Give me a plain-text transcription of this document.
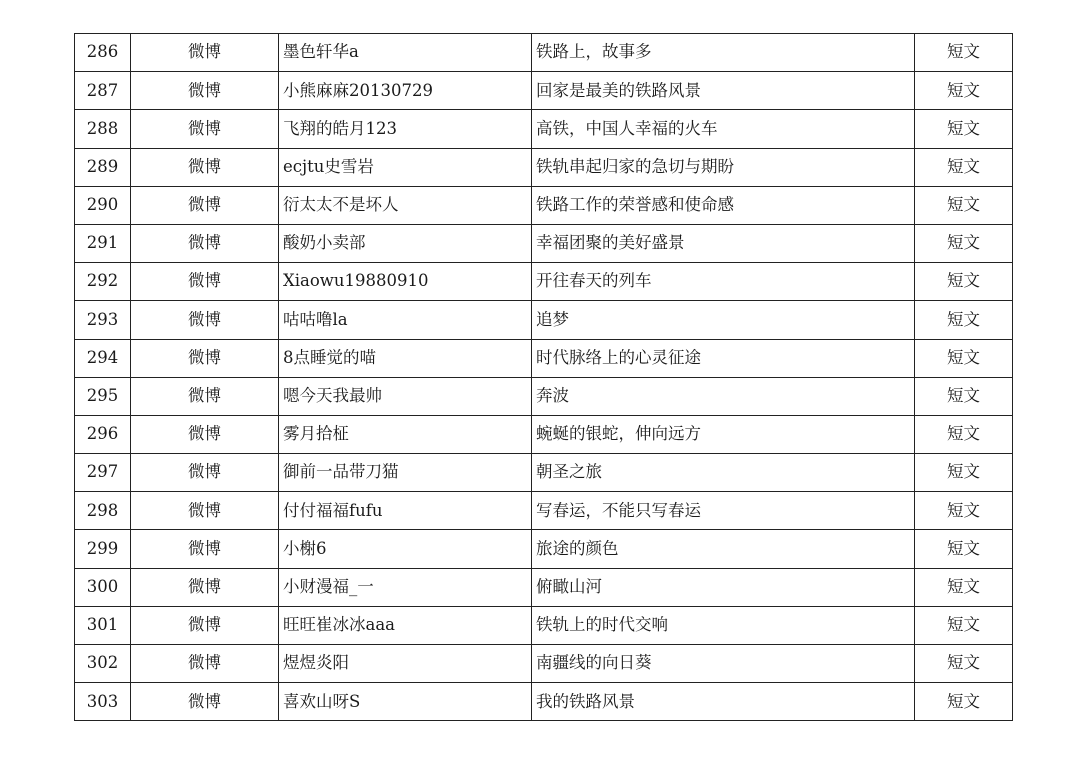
286	微博	墨色轩华a	铁路上，故事多	短文
287	微博	小熊麻麻20130729	回家是最美的铁路风景	短文
288	微博	飞翔的皓月123	高铁，中国人幸福的火车	短文
289	微博	ecjtu史雪岩	铁轨串起归家的急切与期盼	短文
290	微博	衍太太不是坏人	铁路工作的荣誉感和使命感	短文
291	微博	酸奶小卖部	幸福团聚的美好盛景	短文
292	微博	Xiaowu19880910	开往春天的列车	短文
293	微博	咕咕噜la	追梦	短文
294	微博	8点睡觉的喵	时代脉络上的心灵征途	短文
295	微博	嗯今天我最帅	奔波	短文
296	微博	雾月拾柾	蜿蜒的银蛇，伸向远方	短文
297	微博	御前一品带刀猫	朝圣之旅	短文
298	微博	付付福福fufu	写春运，不能只写春运	短文
299	微博	小榭6	旅途的颜色	短文
300	微博	小财漫福_一	俯瞰山河	短文
301	微博	旺旺崔冰冰aaa	铁轨上的时代交响	短文
302	微博	煜煜炎阳	南疆线的向日葵	短文
303	微博	喜欢山呀S	我的铁路风景	短文
